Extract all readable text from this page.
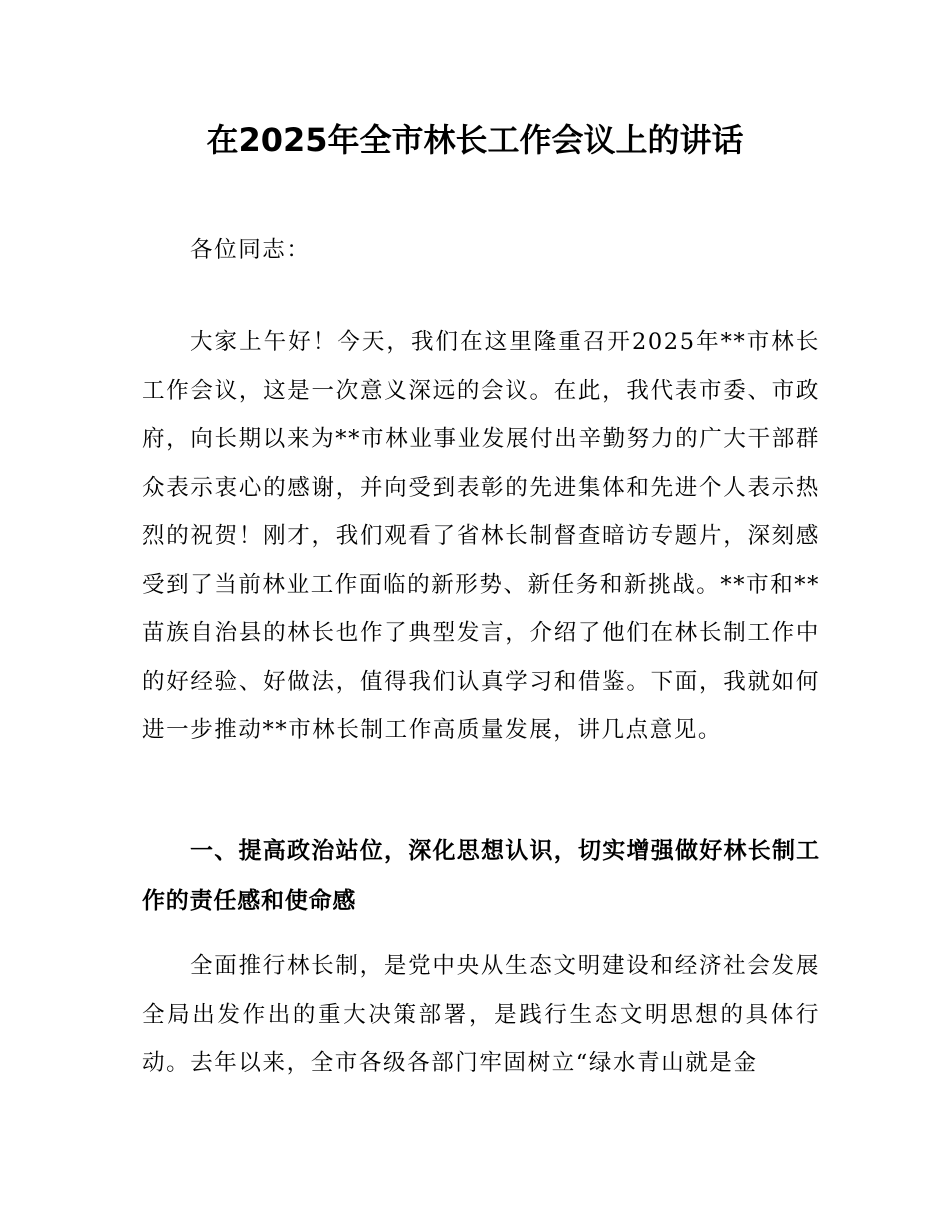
在2025年全市林长工作会议上的讲话
各位同志：
大家上午好！今天，我们在这里隆重召开2025年**市林长工作会议，这是一次意义深远的会议。在此，我代表市委、市政府，向长期以来为**市林业事业发展付出辛勤努力的广大干部群众表示衷心的感谢，并向受到表彰的先进集体和先进个人表示热烈的祝贺！刚才，我们观看了省林长制督查暗访专题片，深刻感受到了当前林业工作面临的新形势、新任务和新挑战。**市和**苗族自治县的林长也作了典型发言，介绍了他们在林长制工作中的好经验、好做法，值得我们认真学习和借鉴。下面，我就如何进一步推动**市林长制工作高质量发展，讲几点意见。
一、提高政治站位，深化思想认识，切实增强做好林长制工作的责任感和使命感
全面推行林长制，是党中央从生态文明建设和经济社会发展全局出发作出的重大决策部署，是践行生态文明思想的具体行动。去年以来，全市各级各部门牢固树立“绿水青山就是金
